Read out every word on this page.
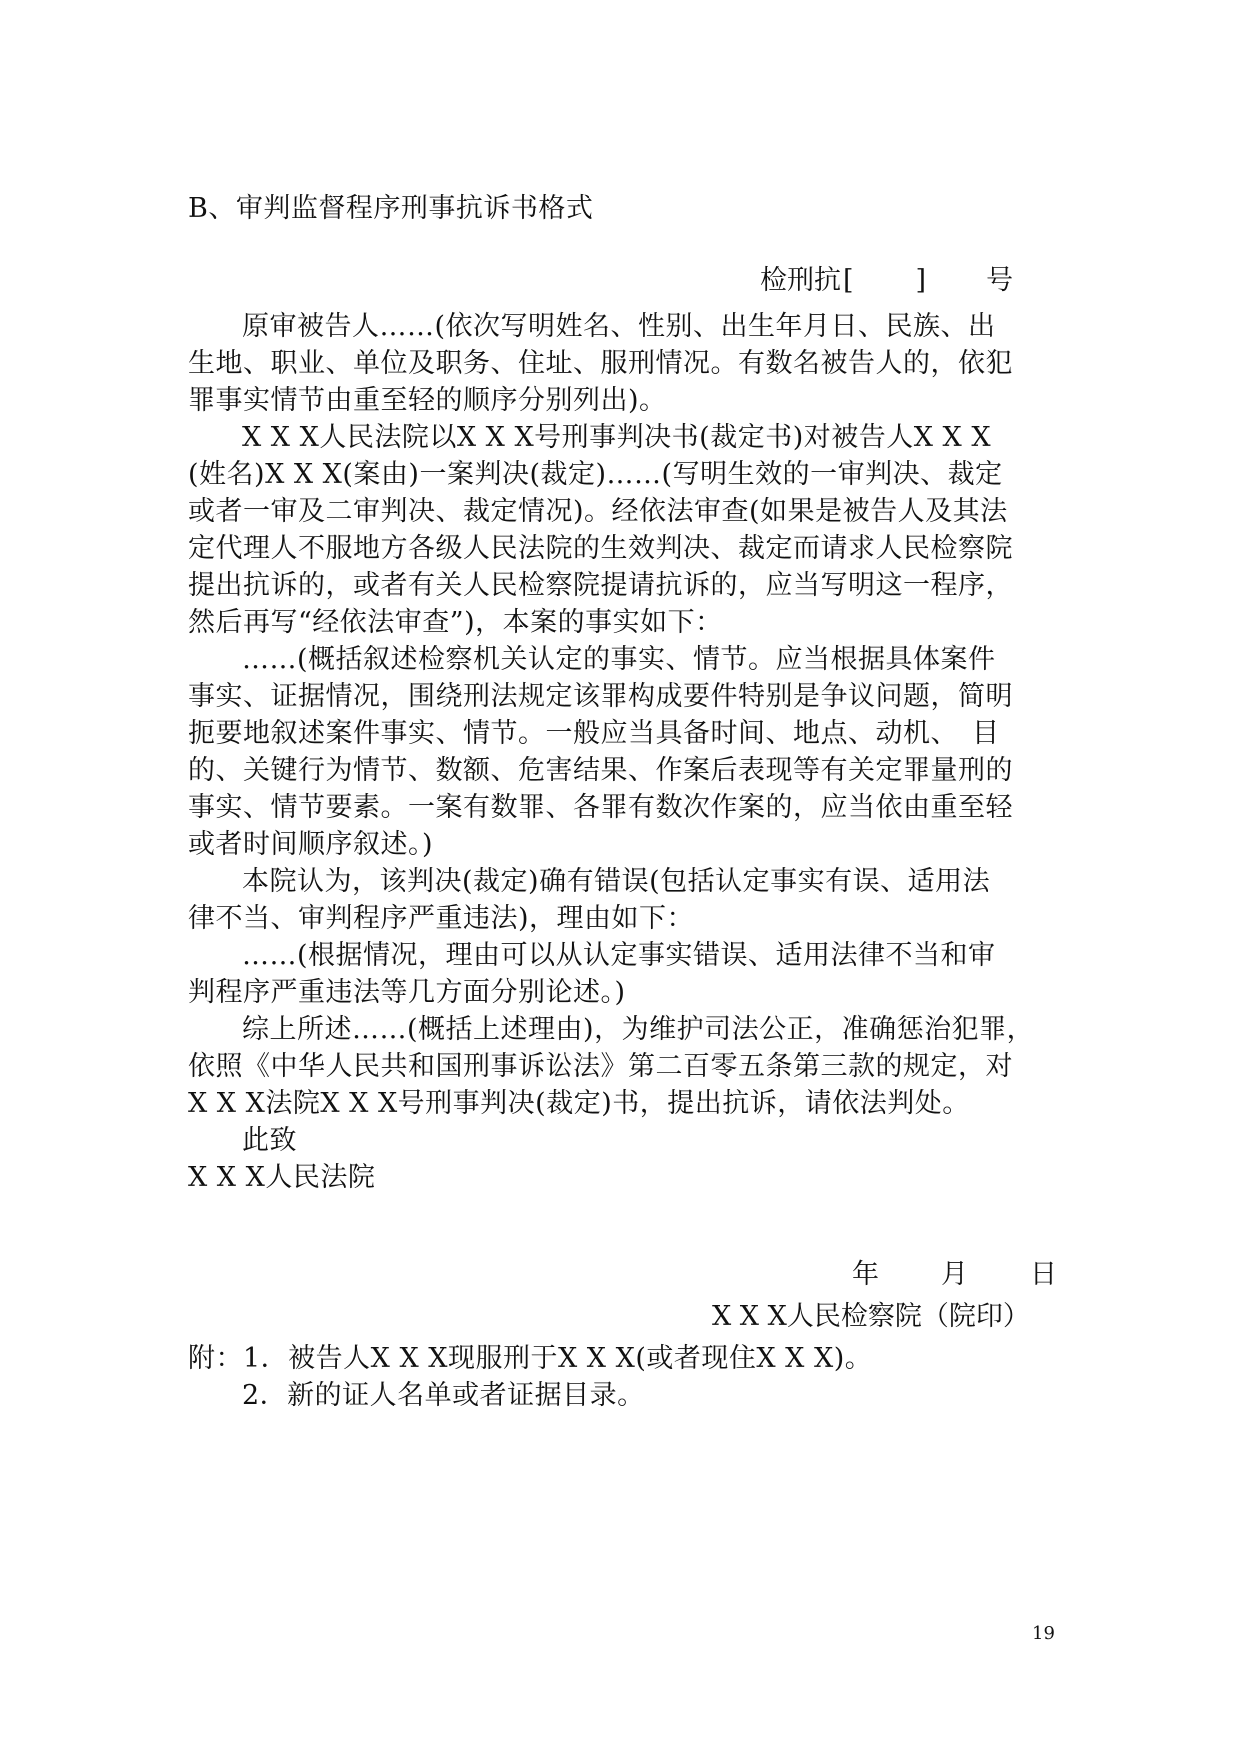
B、审判监督程序刑事抗诉书格式
检刑抗[ ] 号
原审被告人……(依次写明姓名、性别、出生年月日、民族、出
生地、职业、单位及职务、住址、服刑情况。有数名被告人的，依犯
罪事实情节由重至轻的顺序分别列出)。
X X X人民法院以X X X号刑事判决书(裁定书)对被告人X X X
(姓名)X X X(案由)一案判决(裁定)……(写明生效的一审判决、裁定
或者一审及二审判决、裁定情况)。经依法审查(如果是被告人及其法
定代理人不服地方各级人民法院的生效判决、裁定而请求人民检察院
提出抗诉的，或者有关人民检察院提请抗诉的，应当写明这一程序，
然后再写“经依法审查”)，本案的事实如下：
……(概括叙述检察机关认定的事实、情节。应当根据具体案件
事实、证据情况，围绕刑法规定该罪构成要件特别是争议问题，简明
扼要地叙述案件事实、情节。一般应当具备时间、地点、动机、　目
的、关键行为情节、数额、危害结果、作案后表现等有关定罪量刑的
事实、情节要素。一案有数罪、各罪有数次作案的，应当依由重至轻
或者时间顺序叙述。)
本院认为，该判决(裁定)确有错误(包括认定事实有误、适用法
律不当、审判程序严重违法)，理由如下：
……(根据情况，理由可以从认定事实错误、适用法律不当和审
判程序严重违法等几方面分别论述。)
综上所述……(概括上述理由)，为维护司法公正，准确惩治犯罪，
依照《中华人民共和国刑事诉讼法》第二百零五条第三款的规定，对
X X X法院X X X号刑事判决(裁定)书，提出抗诉，请依法判处。
此致
X X X人民法院
年 月 日
X X X人民检察院（院印）
附：1．被告人X X X现服刑于X X X(或者现住X X X)。
2．新的证人名单或者证据目录。
19
